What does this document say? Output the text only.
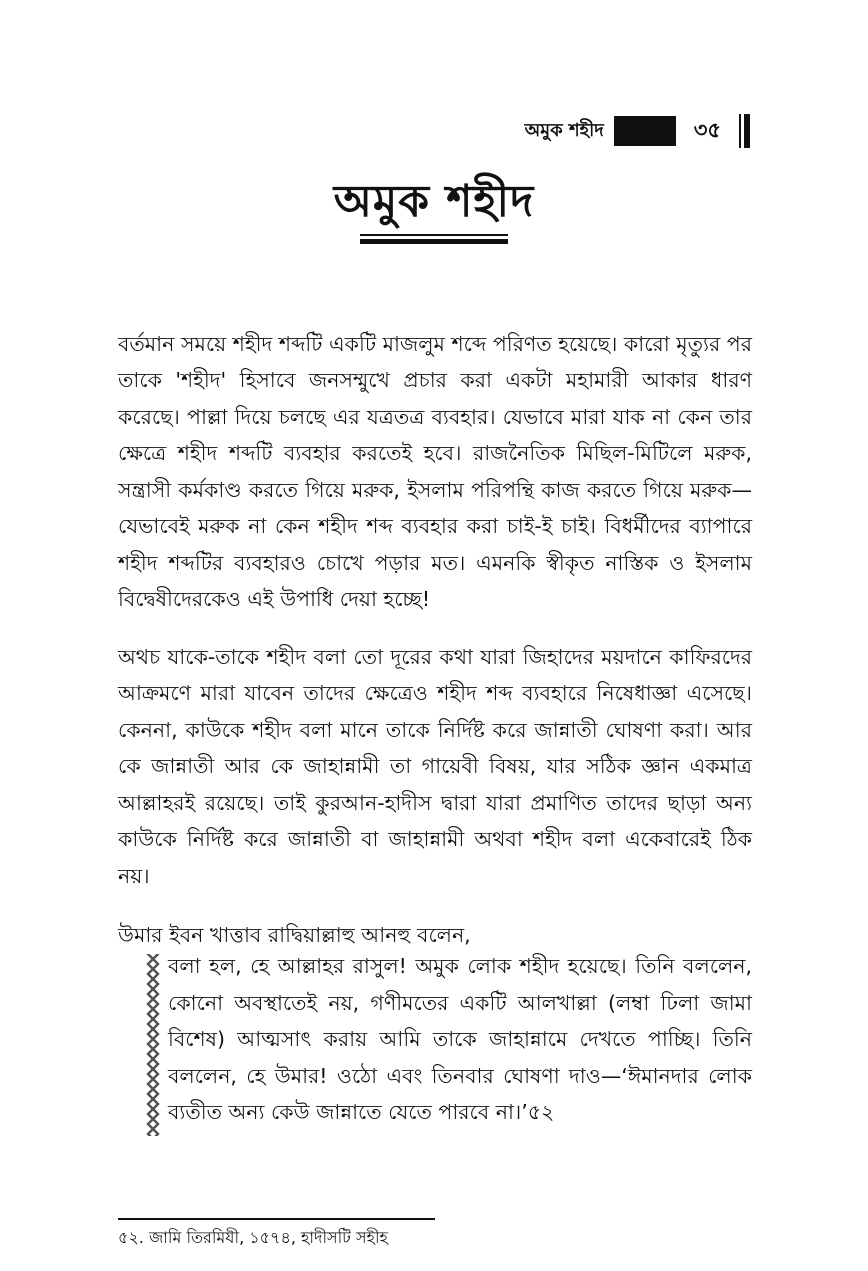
অমুক শহীদ	৩৫
অমুক শহীদ

বর্তমান সময়ে শহীদ শব্দটি একটি মাজলুম শব্দে পরিণত হয়েছে। কারো মৃত্যুর পর তাকে 'শহীদ' হিসাবে জনসম্মুখে প্রচার করা একটা মহামারী আকার ধারণ করেছে। পাল্লা দিয়ে চলছে এর যত্রতত্র ব্যবহার। যেভাবে মারা যাক না কেন তার ক্ষেত্রে শহীদ শব্দটি ব্যবহার করতেই হবে। রাজনৈতিক মিছিল-মিটিলে মরুক, সন্ত্রাসী কর্মকাণ্ড করতে গিয়ে মরুক, ইসলাম পরিপন্থি কাজ করতে গিয়ে মরুক—যেভাবেই মরুক না কেন শহীদ শব্দ ব্যবহার করা চাই-ই চাই। বিধর্মীদের ব্যাপারে শহীদ শব্দটির ব্যবহারও চোখে পড়ার মত। এমনকি স্বীকৃত নাস্তিক ও ইসলাম বিদ্বেষীদেরকেও এই উপাধি দেয়া হচ্ছে!

অথচ যাকে-তাকে শহীদ বলা তো দূরের কথা যারা জিহাদের ময়দানে কাফিরদের আক্রমণে মারা যাবেন তাদের ক্ষেত্রেও শহীদ শব্দ ব্যবহারে নিষেধাজ্ঞা এসেছে। কেননা, কাউকে শহীদ বলা মানে তাকে নির্দিষ্ট করে জান্নাতী ঘোষণা করা। আর কে জান্নাতী আর কে জাহান্নামী তা গায়েবী বিষয়, যার সঠিক জ্ঞান একমাত্র আল্লাহরই রয়েছে। তাই কুরআন-হাদীস দ্বারা যারা প্রমাণিত তাদের ছাড়া অন্য কাউকে নির্দিষ্ট করে জান্নাতী বা জাহান্নামী অথবা শহীদ বলা একেবারেই ঠিক নয়।

উমার ইবন খাত্তাব রাদ্বিয়াল্লাহু আনহু বলেন,

বলা হল, হে আল্লাহর রাসুল! অমুক লোক শহীদ হয়েছে। তিনি বললেন, কোনো অবস্থাতেই নয়, গণীমতের একটি আলখাল্লা (লম্বা ঢিলা জামা বিশেষ) আত্মসাৎ করায় আমি তাকে জাহান্নামে দেখতে পাচ্ছি। তিনি বললেন, হে উমার! ওঠো এবং তিনবার ঘোষণা দাও—‘ঈমানদার লোক ব্যতীত অন্য কেউ জান্নাতে যেতে পারবে না।’৫২
৫২. জামি তিরমিযী, ১৫৭৪, হাদীসটি সহীহ
